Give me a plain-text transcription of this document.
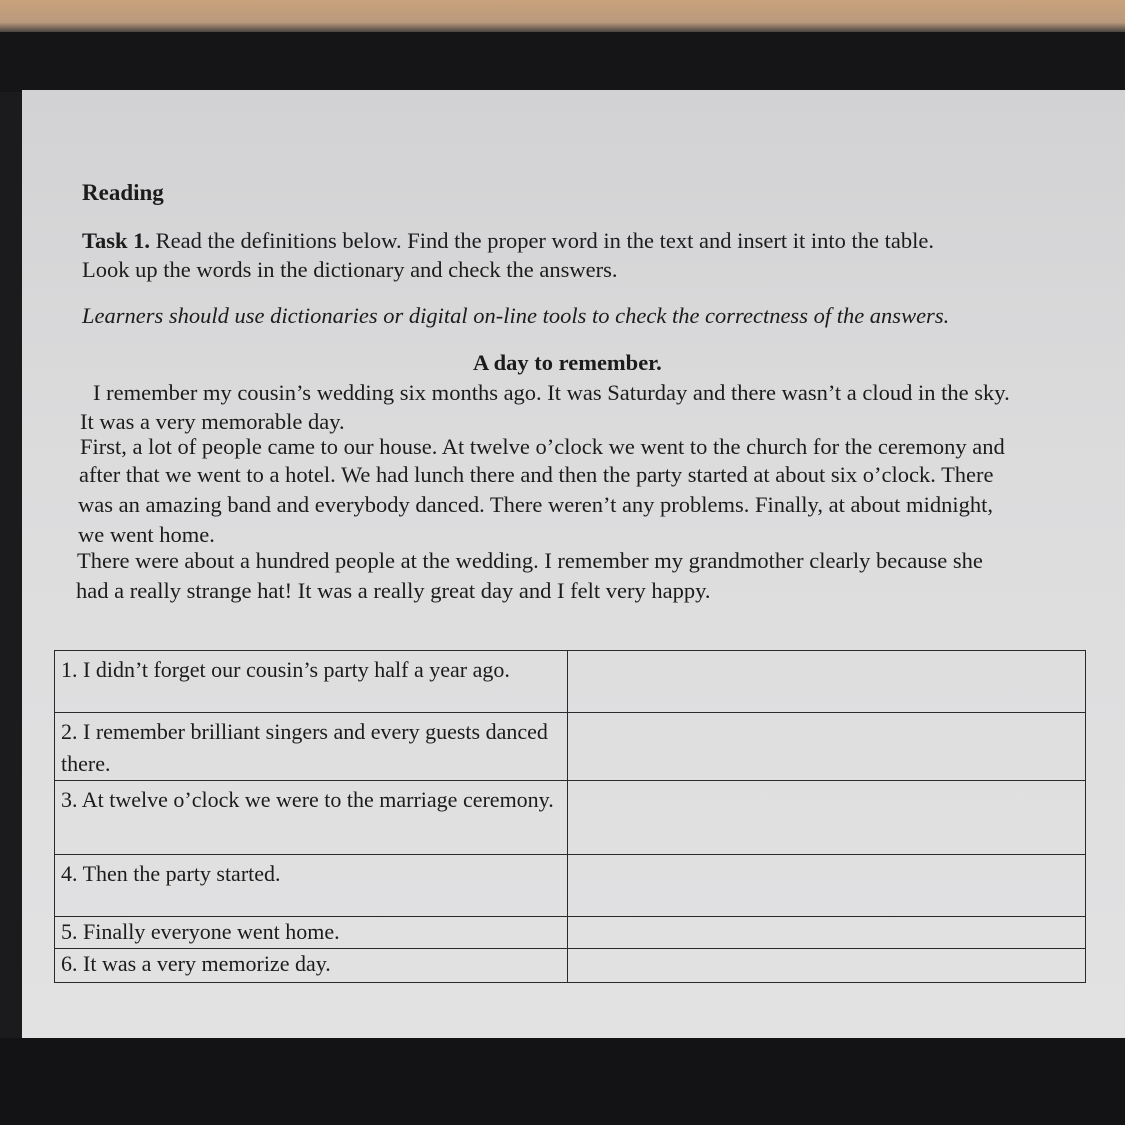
Reading
Task 1. Read the definitions below. Find the proper word in the text and insert it into the table.
Look up the words in the dictionary and check the answers.
Learners should use dictionaries or digital on-line tools to check the correctness of the answers.
A day to remember.
I remember my cousin’s wedding six months ago. It was Saturday and there wasn’t a cloud in the sky.
It was a very memorable day.
First, a lot of people came to our house. At twelve o’clock we went to the church for the ceremony and
after that we went to a hotel. We had lunch there and then the party started at about six o’clock. There
was an amazing band and everybody danced. There weren’t any problems. Finally, at about midnight,
we went home.
There were about a hundred people at the wedding. I remember my grandmother clearly because she
had a really strange hat! It was a really great day and I felt very happy.
1. I didn’t forget our cousin’s party half a year ago.
2. I remember brilliant singers and every guests danced there.
3. At twelve o’clock we were to the marriage ceremony.
4. Then the party started.
5. Finally everyone went home.
6. It was a very memorize day.
